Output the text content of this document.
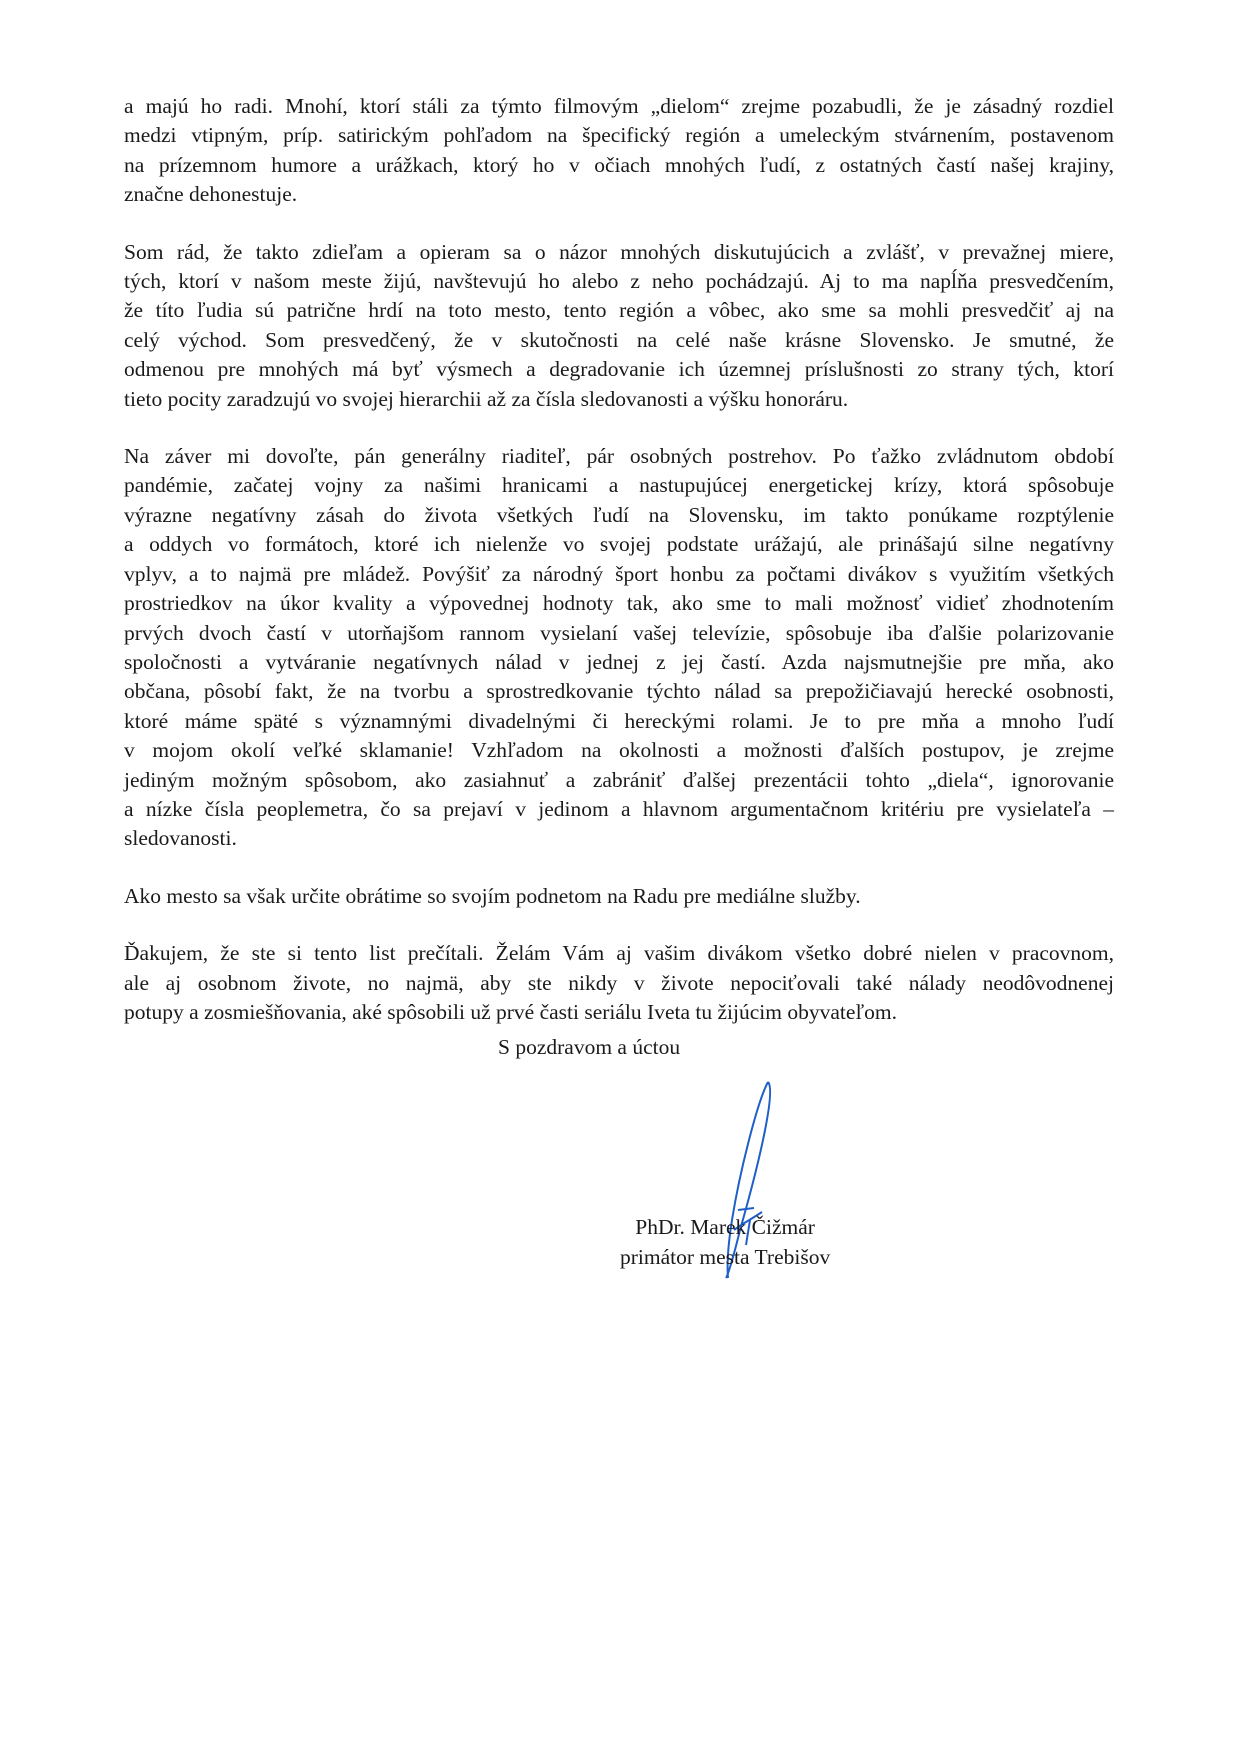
a majú ho radi. Mnohí, ktorí stáli za týmto filmovým „dielom“ zrejme pozabudli, že je zásadný rozdiel
medzi vtipným, príp. satirickým pohľadom na špecifický región a umeleckým stvárnením, postavenom
na prízemnom humore a urážkach, ktorý ho v očiach mnohých ľudí, z ostatných častí našej krajiny,
značne dehonestuje.

Som rád, že takto zdieľam a opieram sa o názor mnohých diskutujúcich a zvlášť, v prevažnej miere,
tých, ktorí v našom meste žijú, navštevujú ho alebo z neho pochádzajú. Aj to ma napĺňa presvedčením,
že títo ľudia sú patrične hrdí na toto mesto, tento región a vôbec, ako sme sa mohli presvedčiť aj na
celý východ. Som presvedčený, že v skutočnosti na celé naše krásne Slovensko. Je smutné, že
odmenou pre mnohých má byť výsmech a degradovanie ich územnej príslušnosti zo strany tých, ktorí
tieto pocity zaradzujú vo svojej hierarchii až za čísla sledovanosti a výšku honoráru.

Na záver mi dovoľte, pán generálny riaditeľ, pár osobných postrehov. Po ťažko zvládnutom období
pandémie, začatej vojny za našimi hranicami a nastupujúcej energetickej krízy, ktorá spôsobuje
výrazne negatívny zásah do života všetkých ľudí na Slovensku, im takto ponúkame rozptýlenie
a oddych vo formátoch, ktoré ich nielenže vo svojej podstate urážajú, ale prinášajú silne negatívny
vplyv, a to najmä pre mládež. Povýšiť za národný šport honbu za počtami divákov s využitím všetkých
prostriedkov na úkor kvality a výpovednej hodnoty tak, ako sme to mali možnosť vidieť zhodnotením
prvých dvoch častí v utorňajšom rannom vysielaní vašej televízie, spôsobuje iba ďalšie polarizovanie
spoločnosti a vytváranie negatívnych nálad v jednej z jej častí. Azda najsmutnejšie pre mňa, ako
občana, pôsobí fakt, že na tvorbu a sprostredkovanie týchto nálad sa prepožičiavajú herecké osobnosti,
ktoré máme späté s významnými divadelnými či hereckými rolami. Je to pre mňa a mnoho ľudí
v mojom okolí veľké sklamanie! Vzhľadom na okolnosti a možnosti ďalších postupov, je zrejme
jediným možným spôsobom, ako zasiahnuť a zabrániť ďalšej prezentácii tohto „diela“, ignorovanie
a nízke čísla peoplemetra, čo sa prejaví v jedinom a hlavnom argumentačnom kritériu pre vysielateľa –
sledovanosti.

Ako mesto sa však určite obrátime so svojím podnetom na Radu pre mediálne služby.

Ďakujem, že ste si tento list prečítali. Želám Vám aj vašim divákom všetko dobré nielen v pracovnom,
ale aj osobnom živote, no najmä, aby ste nikdy v živote nepociťovali také nálady neodôvodnenej
potupy a zosmiešňovania, aké spôsobili už prvé časti seriálu Iveta tu žijúcim obyvateľom.

S pozdravom a úctou
PhDr. Marek Čižmár
primátor mesta Trebišov
